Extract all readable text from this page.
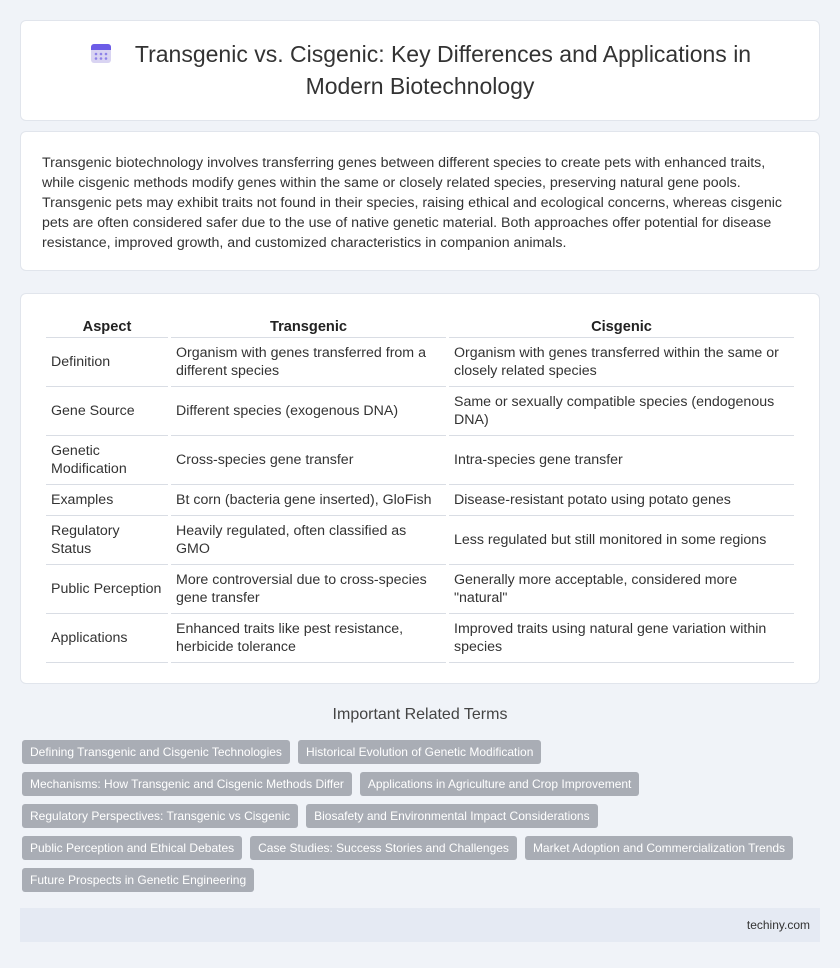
Transgenic vs. Cisgenic: Key Differences and Applications in Modern Biotechnology
Transgenic biotechnology involves transferring genes between different species to create pets with enhanced traits, while cisgenic methods modify genes within the same or closely related species, preserving natural gene pools. Transgenic pets may exhibit traits not found in their species, raising ethical and ecological concerns, whereas cisgenic pets are often considered safer due to the use of native genetic material. Both approaches offer potential for disease resistance, improved growth, and customized characteristics in companion animals.
Aspect	Transgenic	Cisgenic
Definition	Organism with genes transferred from a different species	Organism with genes transferred within the same or closely related species
Gene Source	Different species (exogenous DNA)	Same or sexually compatible species (endogenous DNA)
Genetic Modification	Cross-species gene transfer	Intra-species gene transfer
Examples	Bt corn (bacteria gene inserted), GloFish	Disease-resistant potato using potato genes
Regulatory Status	Heavily regulated, often classified as GMO	Less regulated but still monitored in some regions
Public Perception	More controversial due to cross-species gene transfer	Generally more acceptable, considered more "natural"
Applications	Enhanced traits like pest resistance, herbicide tolerance	Improved traits using natural gene variation within species
Important Related Terms
Defining Transgenic and Cisgenic Technologies	Historical Evolution of Genetic Modification
Mechanisms: How Transgenic and Cisgenic Methods Differ	Applications in Agriculture and Crop Improvement
Regulatory Perspectives: Transgenic vs Cisgenic	Biosafety and Environmental Impact Considerations
Public Perception and Ethical Debates	Case Studies: Success Stories and Challenges	Market Adoption and Commercialization Trends
Future Prospects in Genetic Engineering
techiny.com
